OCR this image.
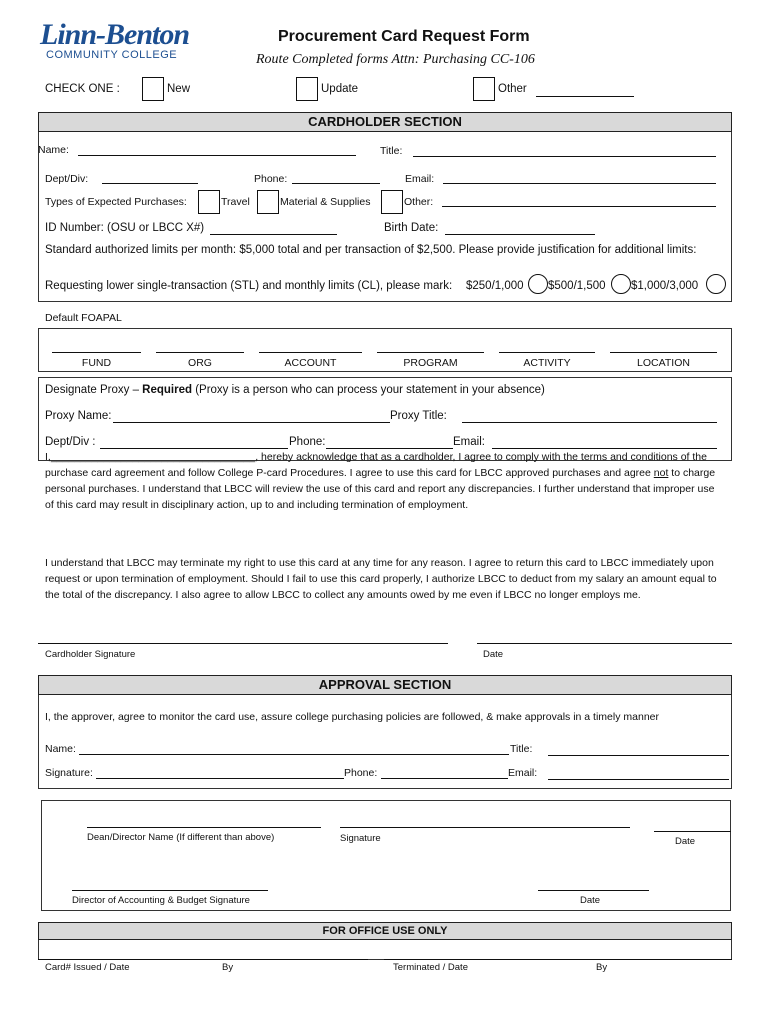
Linn-Benton
COMMUNITY COLLEGE
Procurement Card Request Form
Route Completed forms Attn: Purchasing CC-106
CHECK ONE :	New	Update	Other
CARDHOLDER SECTION
Name:	Title:
Dept/Div:	Phone:	Email:
Types of Expected Purchases:	Travel	Material & Supplies	Other:
ID Number: (OSU or LBCC X#)	Birth Date:
Standard authorized limits per month: $5,000 total and per transaction of $2,500. Please provide justification for additional limits:
Requesting lower single-transaction (STL) and monthly limits (CL), please mark: $250/1,000 $500/1,500 $1,000/3,000
Default FOAPAL
FUND	ORG	ACCOUNT	PROGRAM	ACTIVITY	LOCATION
Designate Proxy – Required (Proxy is a person who can process your statement in your absence)
Proxy Name:	Proxy Title:
Dept/Div :	Phone:	Email:
I,___________________________________, hereby acknowledge that as a cardholder, I agree to comply with the terms and conditions of the purchase card agreement and follow College P-card Procedures. I agree to use this card for LBCC approved purchases and agree not to charge personal purchases. I understand that LBCC will review the use of this card and report any discrepancies. I further understand that improper use of this card may result in disciplinary action, up to and including termination of employment.
I understand that LBCC may terminate my right to use this card at any time for any reason. I agree to return this card to LBCC immediately upon request or upon termination of employment. Should I fail to use this card properly, I authorize LBCC to deduct from my salary an amount equal to the total of the discrepancy. I also agree to allow LBCC to collect any amounts owed by me even if LBCC no longer employs me.
Cardholder Signature	Date
APPROVAL SECTION
I, the approver, agree to monitor the card use, assure college purchasing policies are followed, & make approvals in a timely manner
Name:	Title:
Signature:	Phone:	Email:
Dean/Director Name (If different than above)	Signature	Date
Director of Accounting & Budget Signature	Date
FOR OFFICE USE ONLY
Card# Issued / Date	By	Terminated / Date	By
